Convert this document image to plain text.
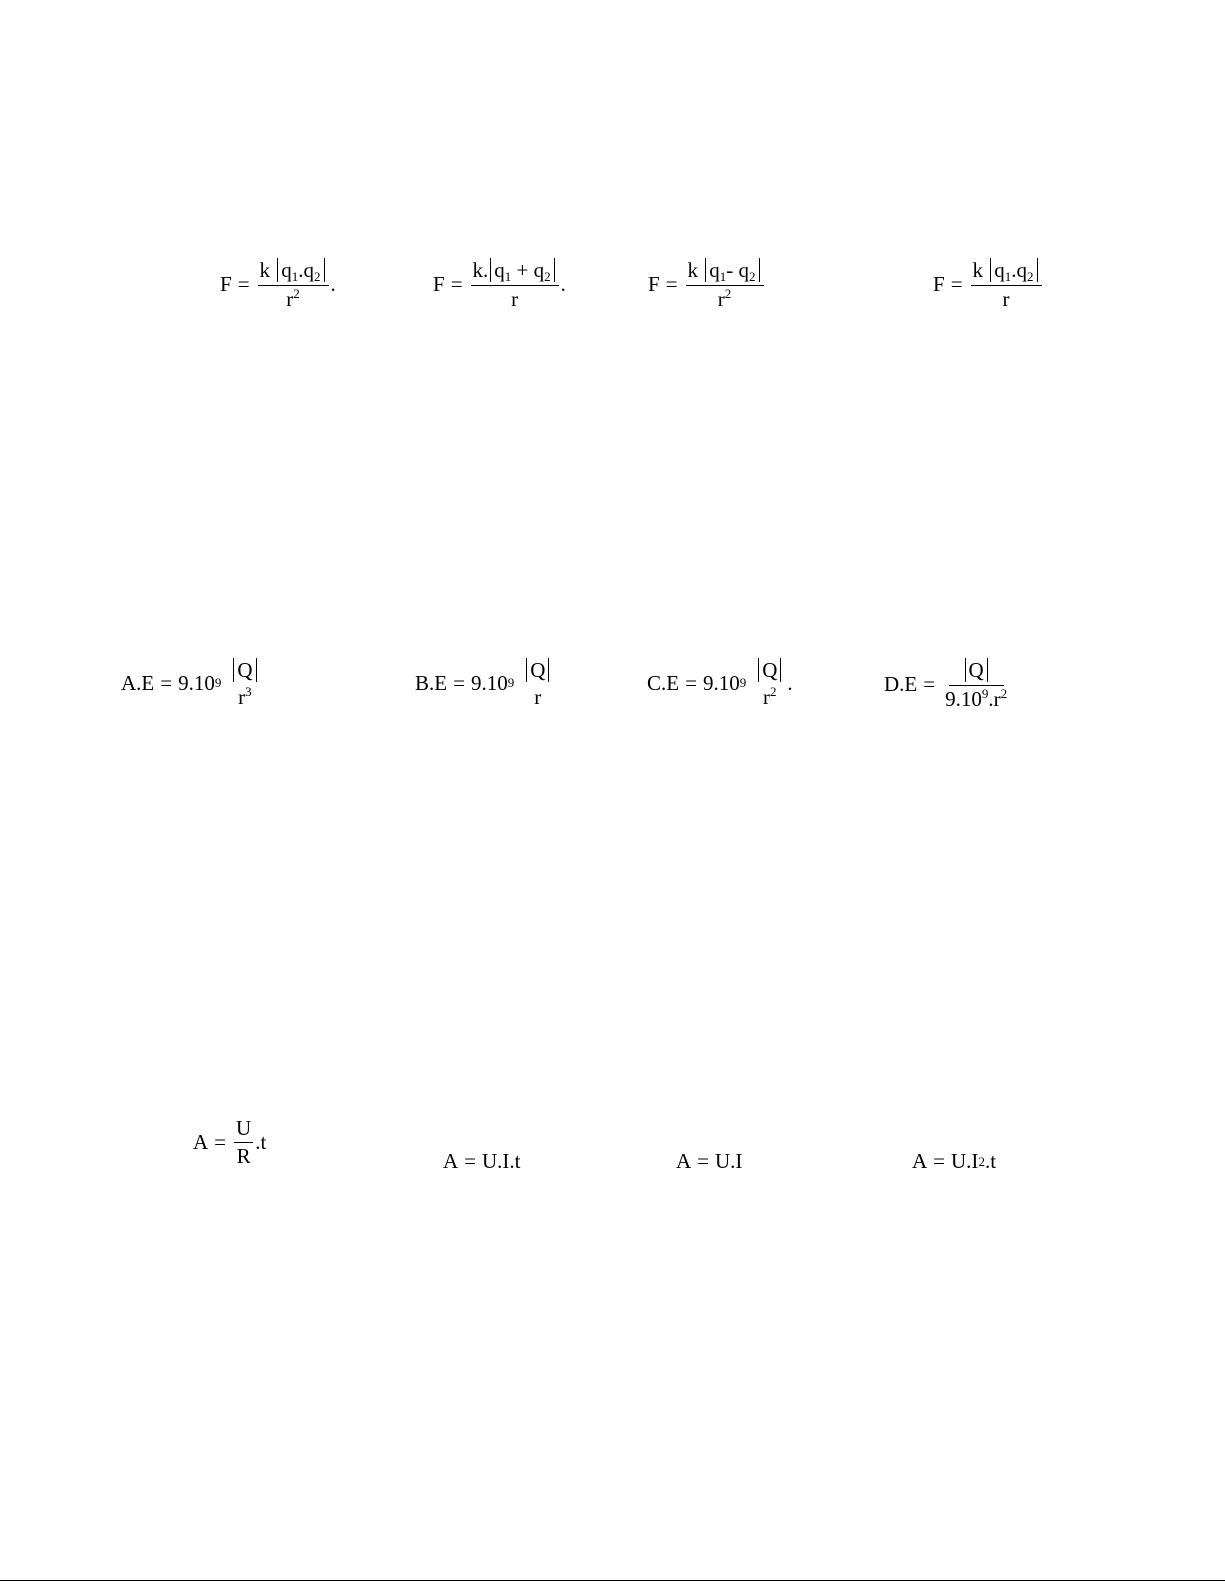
$F = \frac{k q_1.q_2}{r^2}$ .	$F = \frac{k. q_1 + q_2}{r}$ .	$F = \frac{k q_1- q_2}{r^2}$	$F = \frac{k q_1.q_2}{r}$
A.E = 9.10 9
Q
$r^3$	B.E = 9.10 9
Q
r
C.E = 9.10 9
Q
$r^2$ .	$D.E = \frac{Q}{9.10^9.r^2}$
$A = \frac{U}{R} .t$
A = U.I.t	A = U.I	A = U.I 2 .t
